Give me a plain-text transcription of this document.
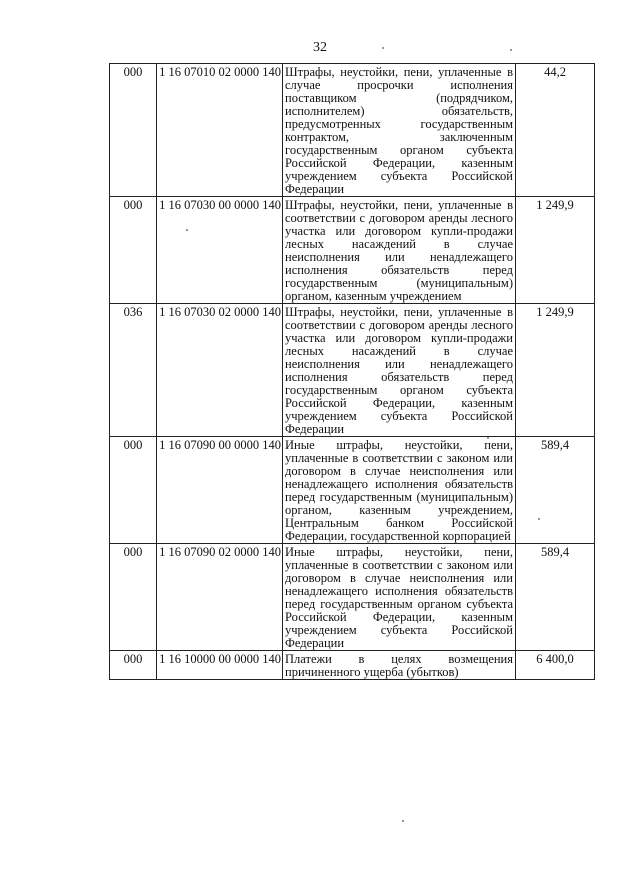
32
000	1 16 07010 02 0000 140	Штрафы, неустойки, пени, уплаченные в случае просрочки исполнения поставщиком (подрядчиком, исполнителем) обязательств, предусмотренных государственным контрактом, заключенным государственным органом субъекта Российской Федерации, казенным учреждением субъекта Российской Федерации	44,2
000	1 16 07030 00 0000 140	Штрафы, неустойки, пени, уплаченные в соответствии с договором аренды лесного участка или договором купли-продажи лесных насаждений в случае неисполнения или ненадлежащего исполнения обязательств перед государственным (муниципальным) органом, казенным учреждением	1 249,9
036	1 16 07030 02 0000 140	Штрафы, неустойки, пени, уплаченные в соответствии с договором аренды лесного участка или договором купли-продажи лесных насаждений в случае неисполнения или ненадлежащего исполнения обязательств перед государственным органом субъекта Российской Федерации, казенным учреждением субъекта Российской Федерации	1 249,9
000	1 16 07090 00 0000 140	Иные штрафы, неустойки, пени, уплаченные в соответствии с законом или договором в случае неисполнения или ненадлежащего исполнения обязательств перед государственным (муниципальным) органом, казенным учреждением, Центральным банком Российской Федерации, государственной корпорацией	589,4
000	1 16 07090 02 0000 140	Иные штрафы, неустойки, пени, уплаченные в соответствии с законом или договором в случае неисполнения или ненадлежащего исполнения обязательств перед государственным органом субъекта Российской Федерации, казенным учреждением субъекта Российской Федерации	589,4
000	1 16 10000 00 0000 140	Платежи в целях возмещения причиненного ущерба (убытков)	6 400,0
